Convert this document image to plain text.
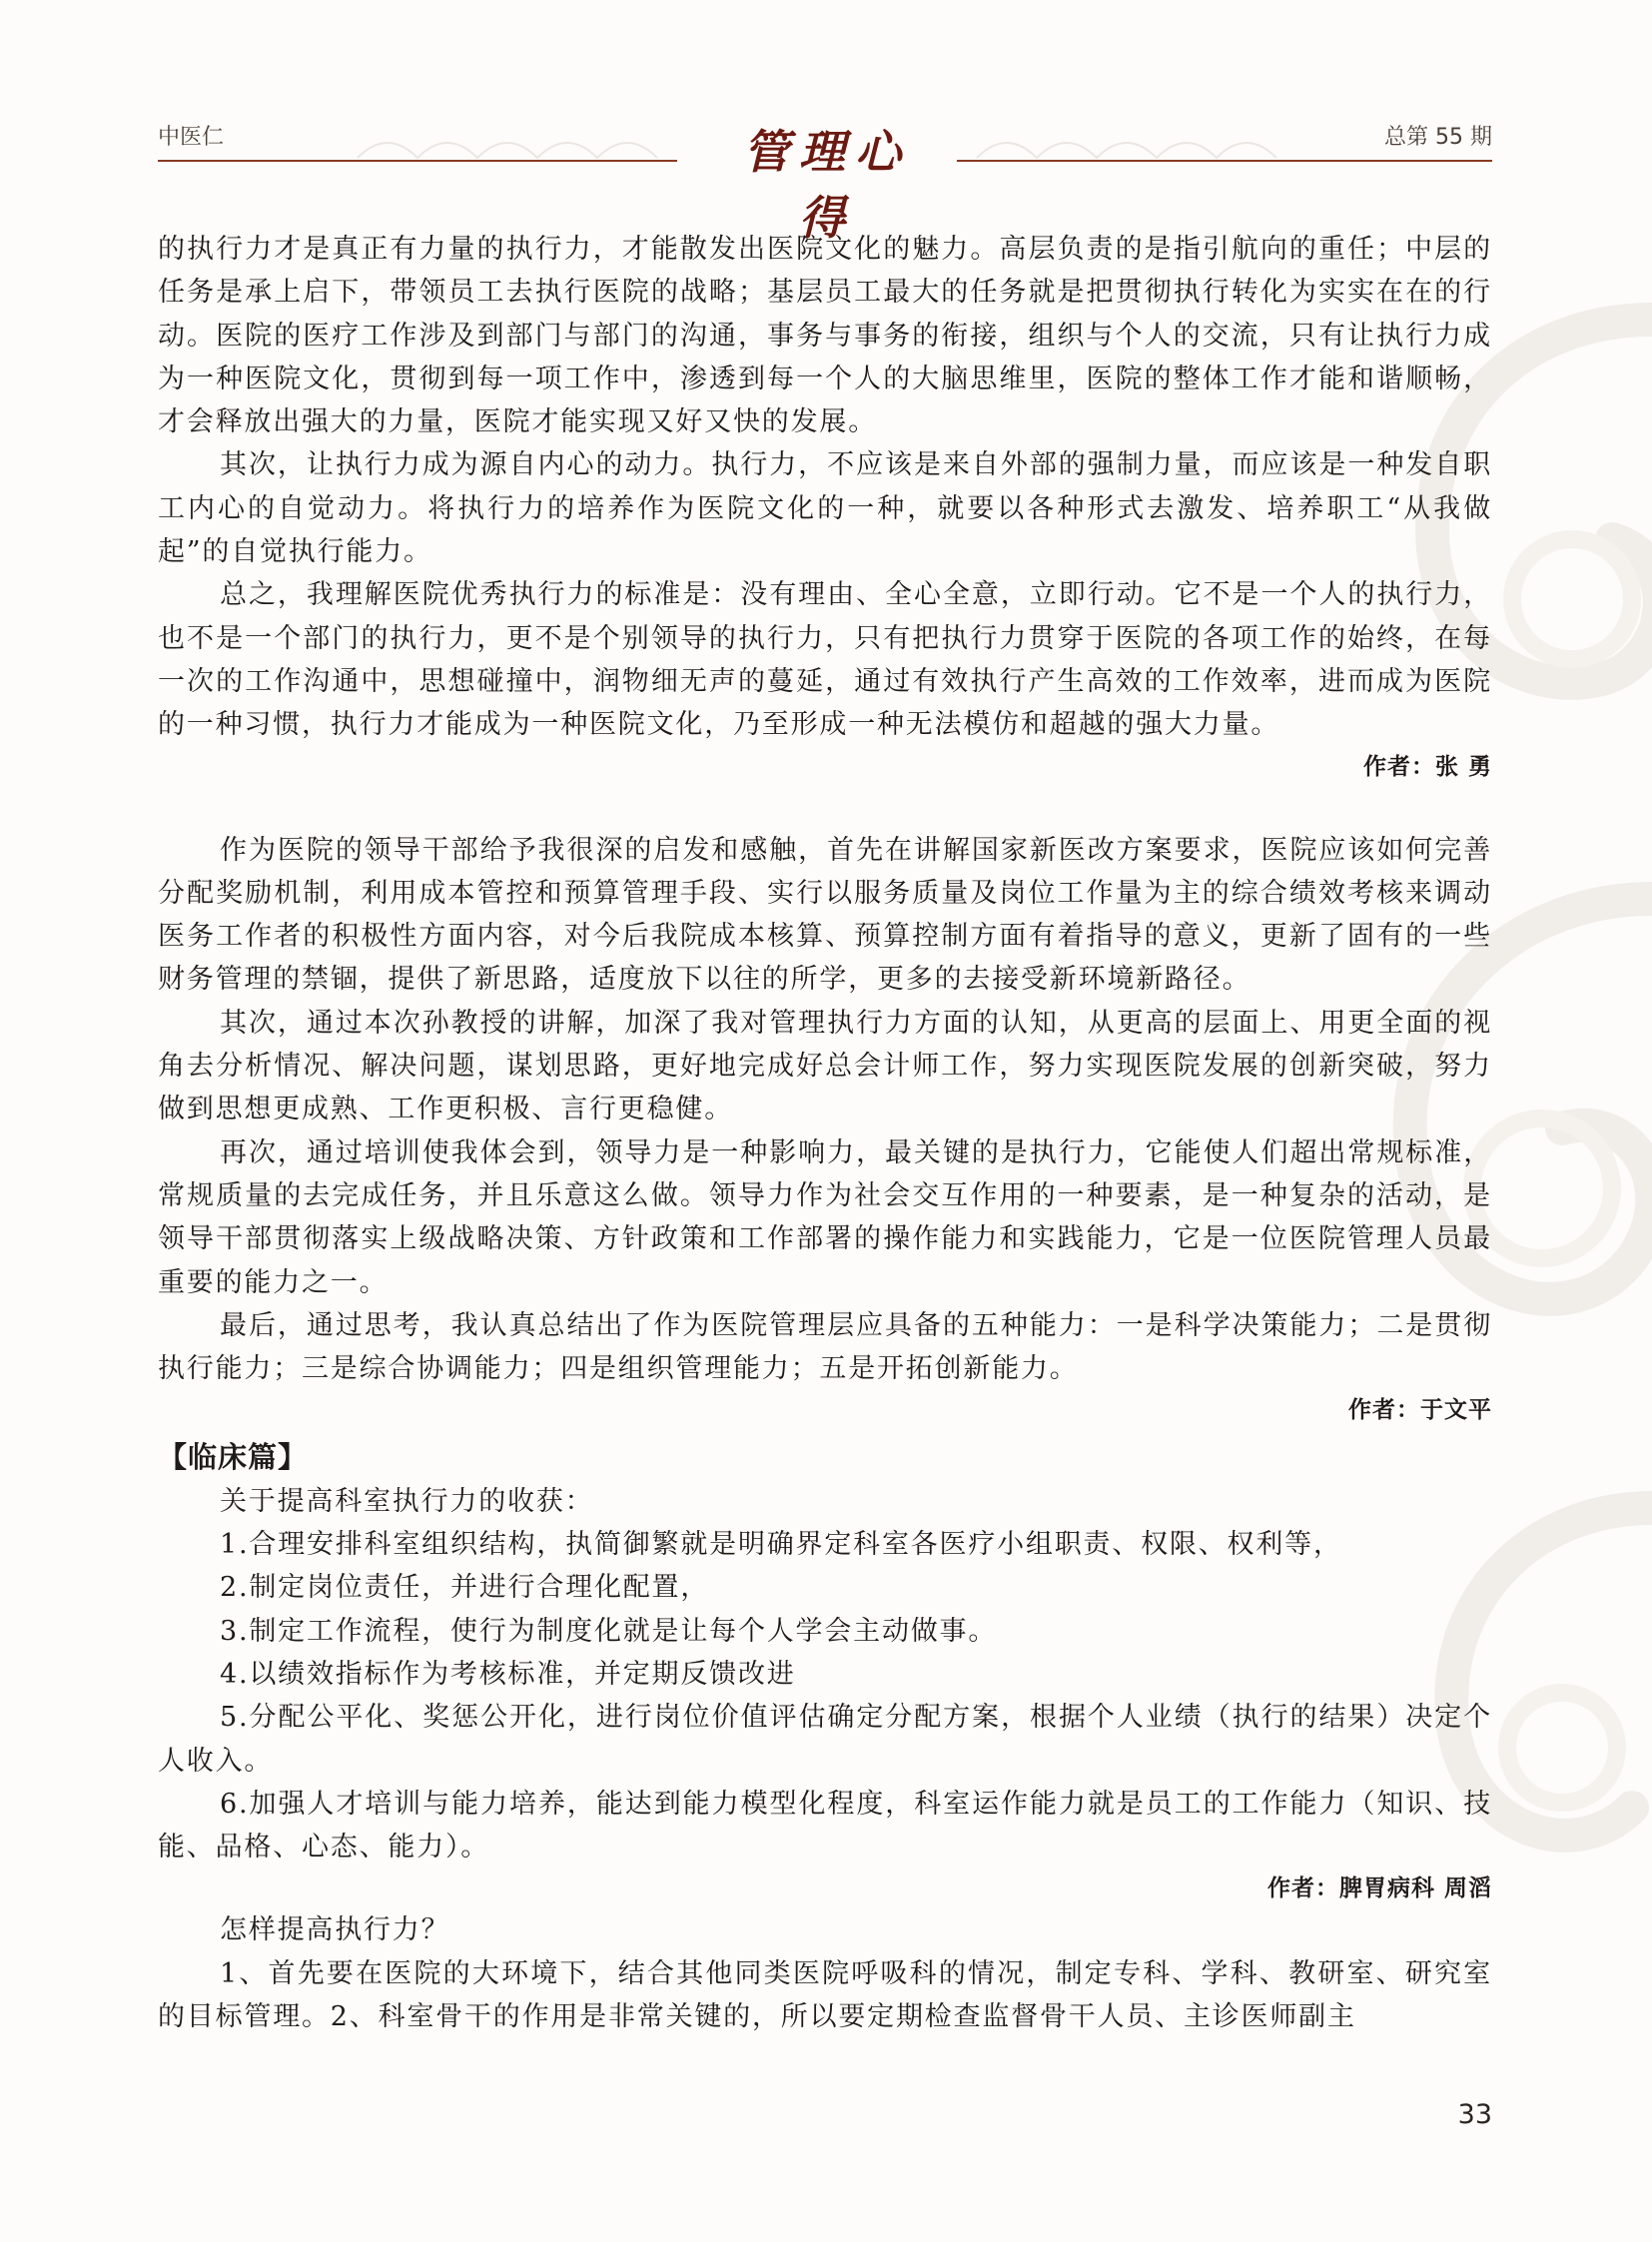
中医仁	管理心得
总第 55 期

的执行力才是真正有力量的执行力，才能散发出医院文化的魅力。高层负责的是指引航向的重任；中层的任务是承上启下，带领员工去执行医院的战略；基层员工最大的任务就是把贯彻执行转化为实实在在的行动。医院的医疗工作涉及到部门与部门的沟通，事务与事务的衔接，组织与个人的交流，只有让执行力成为一种医院文化，贯彻到每一项工作中，渗透到每一个人的大脑思维里，医院的整体工作才能和谐顺畅，才会释放出强大的力量，医院才能实现又好又快的发展。

其次，让执行力成为源自内心的动力。执行力，不应该是来自外部的强制力量，而应该是一种发自职工内心的自觉动力。将执行力的培养作为医院文化的一种，就要以各种形式去激发、培养职工“从我做起”的自觉执行能力。

总之，我理解医院优秀执行力的标准是：没有理由、全心全意，立即行动。它不是一个人的执行力，也不是一个部门的执行力，更不是个别领导的执行力，只有把执行力贯穿于医院的各项工作的始终，在每一次的工作沟通中，思想碰撞中，润物细无声的蔓延，通过有效执行产生高效的工作效率，进而成为医院的一种习惯，执行力才能成为一种医院文化，乃至形成一种无法模仿和超越的强大力量。

作者：张 勇

作为医院的领导干部给予我很深的启发和感触，首先在讲解国家新医改方案要求，医院应该如何完善分配奖励机制，利用成本管控和预算管理手段、实行以服务质量及岗位工作量为主的综合绩效考核来调动医务工作者的积极性方面内容，对今后我院成本核算、预算控制方面有着指导的意义，更新了固有的一些财务管理的禁锢，提供了新思路，适度放下以往的所学，更多的去接受新环境新路径。

其次，通过本次孙教授的讲解，加深了我对管理执行力方面的认知，从更高的层面上、用更全面的视角去分析情况、解决问题，谋划思路，更好地完成好总会计师工作，努力实现医院发展的创新突破，努力做到思想更成熟、工作更积极、言行更稳健。

再次，通过培训使我体会到，领导力是一种影响力，最关键的是执行力，它能使人们超出常规标准，常规质量的去完成任务，并且乐意这么做。领导力作为社会交互作用的一种要素，是一种复杂的活动，是领导干部贯彻落实上级战略决策、方针政策和工作部署的操作能力和实践能力，它是一位医院管理人员最重要的能力之一。

最后，通过思考，我认真总结出了作为医院管理层应具备的五种能力：一是科学决策能力；二是贯彻执行能力；三是综合协调能力；四是组织管理能力；五是开拓创新能力。

作者：于文平

【临床篇】

关于提高科室执行力的收获：

1.合理安排科室组织结构，执简御繁就是明确界定科室各医疗小组职责、权限、权利等，

2.制定岗位责任，并进行合理化配置，

3.制定工作流程，使行为制度化就是让每个人学会主动做事。

4.以绩效指标作为考核标准，并定期反馈改进

5.分配公平化、奖惩公开化，进行岗位价值评估确定分配方案，根据个人业绩（执行的结果）决定个人收入。

6.加强人才培训与能力培养，能达到能力模型化程度，科室运作能力就是员工的工作能力（知识、技能、品格、心态、能力）。

作者：脾胃病科 周滔

怎样提高执行力？

1、首先要在医院的大环境下，结合其他同类医院呼吸科的情况，制定专科、学科、教研室、研究室的目标管理。2、科室骨干的作用是非常关键的，所以要定期检查监督骨干人员、主诊医师副主

33
